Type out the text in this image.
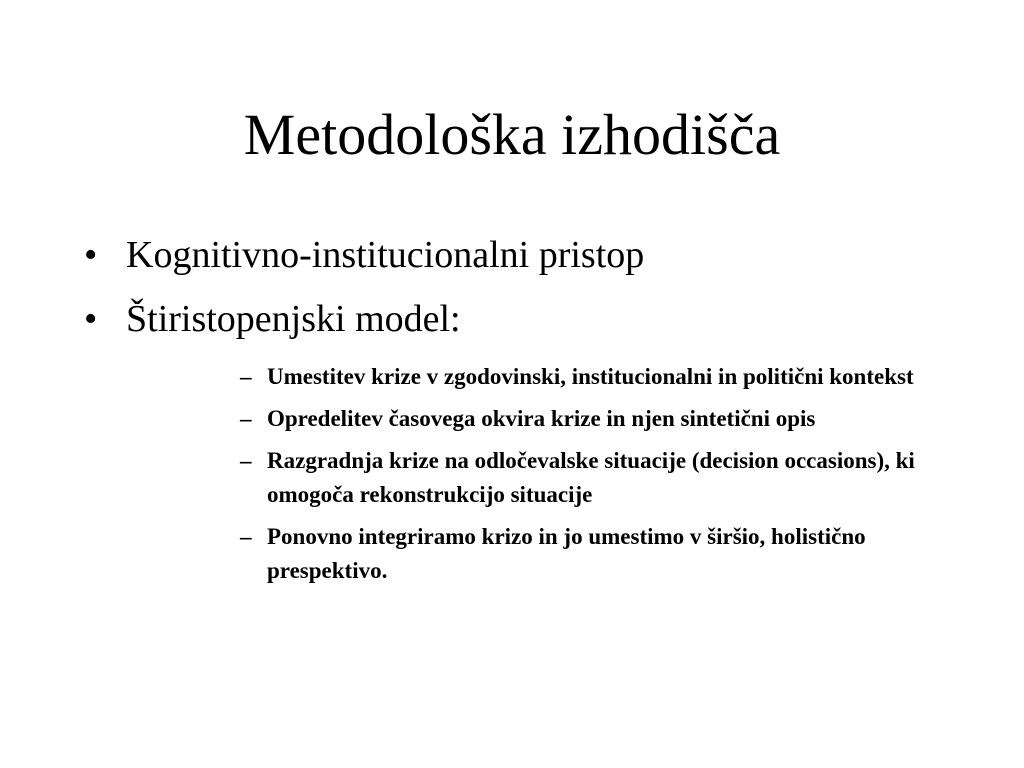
Metodološka izhodišča
• Kognitivno-institucionalni pristop
• Štiristopenjski model:
– Umestitev krize v zgodovinski, institucionalni in politični kontekst
– Opredelitev časovega okvira krize in njen sintetični opis
– Razgradnja krize na odločevalske situacije (decision occasions), ki omogoča rekonstrukcijo situacije
– Ponovno integriramo krizo in jo umestimo v širšio, holistično prespektivo.
